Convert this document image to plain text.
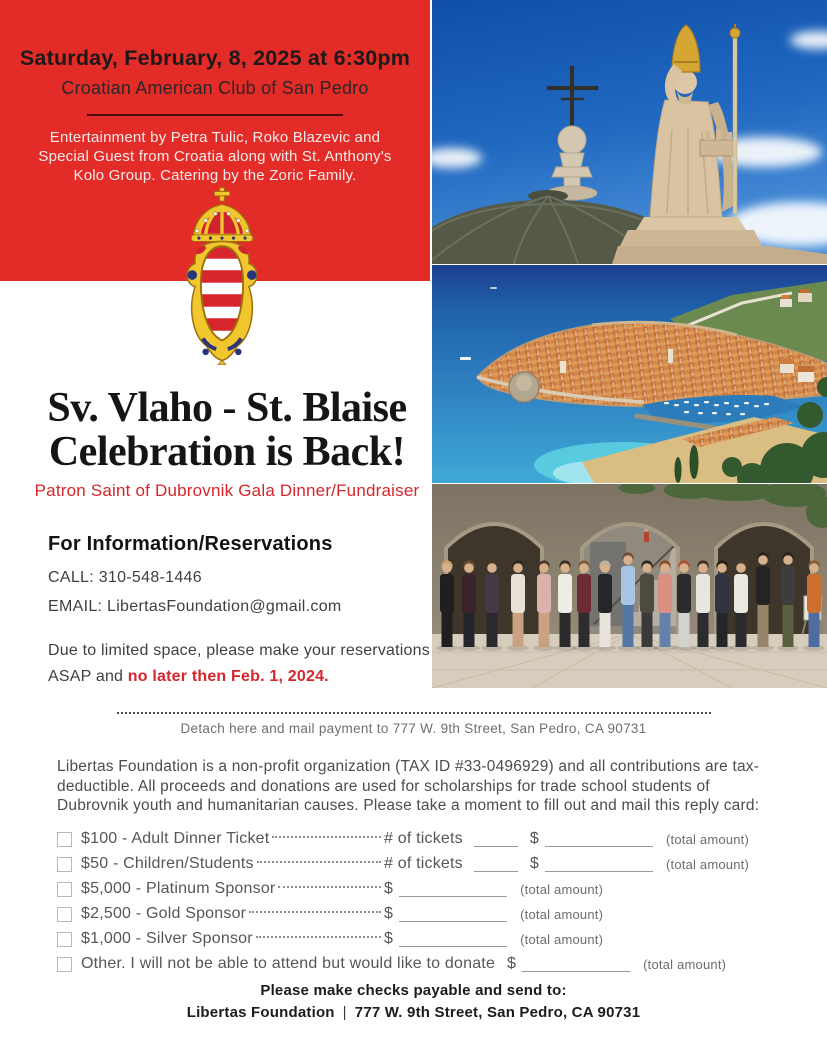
Saturday, February, 8, 2025 at 6:30pm

Croatian American Club of San Pedro
Entertainment by Petra Tulic, Roko Blazevic and Special Guest from Croatia along with St. Anthony's Kolo Group. Catering by the Zoric Family.
Sv. Vlaho - St. Blaise
Celebration is Back!
Patron Saint of Dubrovnik Gala Dinner/Fundraiser
For Information/Reservations
CALL: 310-548-1446
EMAIL: LibertasFoundation@gmail.com
Due to limited space, please make your reservations ASAP and no later then Feb. 1, 2024.
Detach here and mail payment to 777 W. 9th Street, San Pedro, CA 90731

Libertas Foundation is a non-profit organization (TAX ID #33-0496929) and all contributions are tax-deductible. All proceeds and donations are used for scholarships for trade school students of Dubrovnik youth and humanitarian causes. Please take a moment to fill out and mail this reply card:

$100 - Adult Dinner Ticket	# of tickets	$	(total amount)
$50 - Children/Students	# of tickets	$	(total amount)
$5,000 - Platinum Sponsor	$	(total amount)
$2,500 - Gold Sponsor	$	(total amount)
$1,000 - Silver Sponsor	$	(total amount)
Other. I will not be able to attend but would like to donate $	(total amount)
Please make checks payable and send to:
Libertas Foundation | 777 W. 9th Street, San Pedro, CA 90731
